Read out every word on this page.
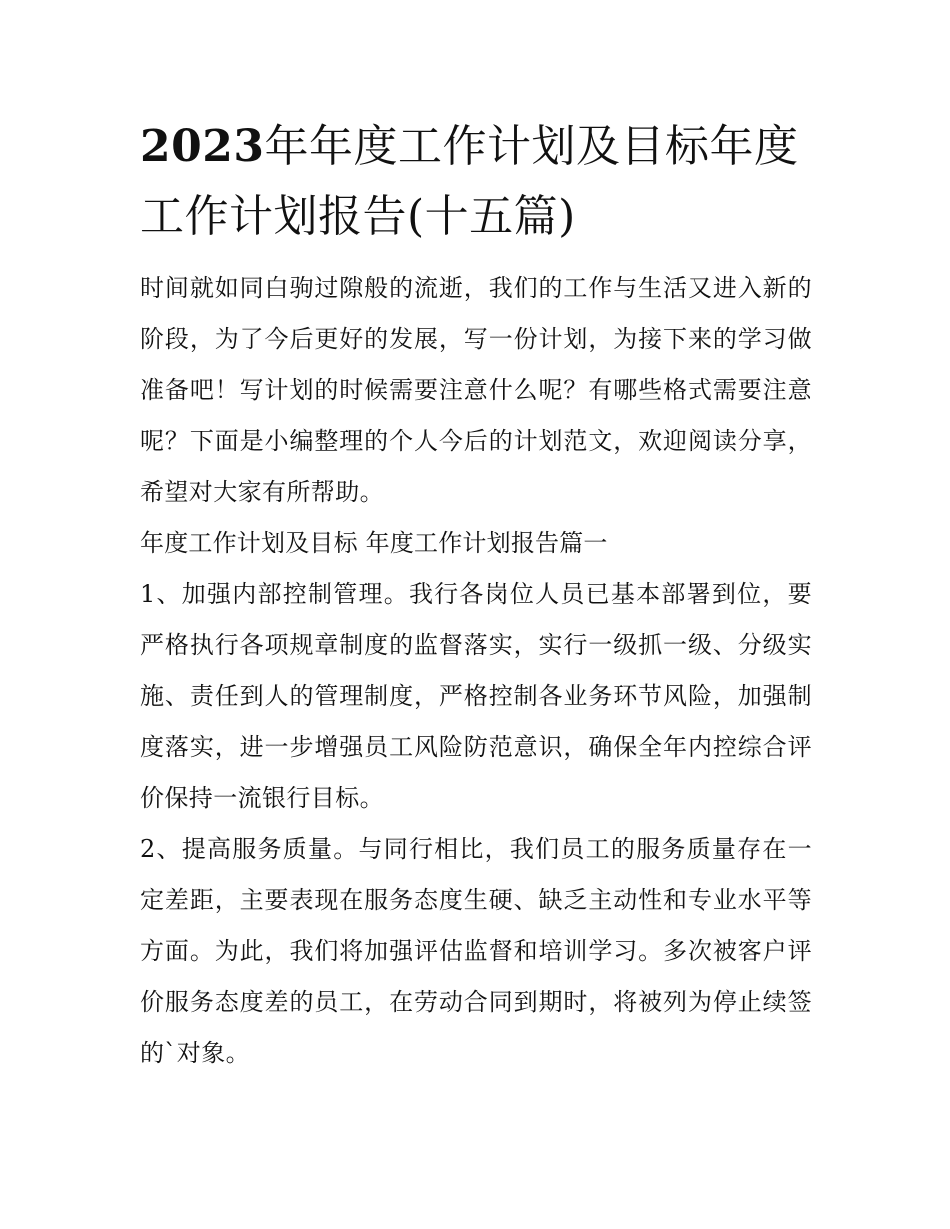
2023年年度工作计划及目标年度工作计划报告(十五篇)

时间就如同白驹过隙般的流逝，我们的工作与生活又进入新的阶段，为了今后更好的发展，写一份计划，为接下来的学习做准备吧！写计划的时候需要注意什么呢？有哪些格式需要注意呢？下面是小编整理的个人今后的计划范文，欢迎阅读分享，希望对大家有所帮助。

年度工作计划及目标 年度工作计划报告篇一

1、加强内部控制管理。我行各岗位人员已基本部署到位，要严格执行各项规章制度的监督落实，实行一级抓一级、分级实施、责任到人的管理制度，严格控制各业务环节风险，加强制度落实，进一步增强员工风险防范意识，确保全年内控综合评价保持一流银行目标。

2、提高服务质量。与同行相比，我们员工的服务质量存在一定差距，主要表现在服务态度生硬、缺乏主动性和专业水平等方面。为此，我们将加强评估监督和培训学习。多次被客户评价服务态度差的员工，在劳动合同到期时，将被列为停止续签的`对象。
